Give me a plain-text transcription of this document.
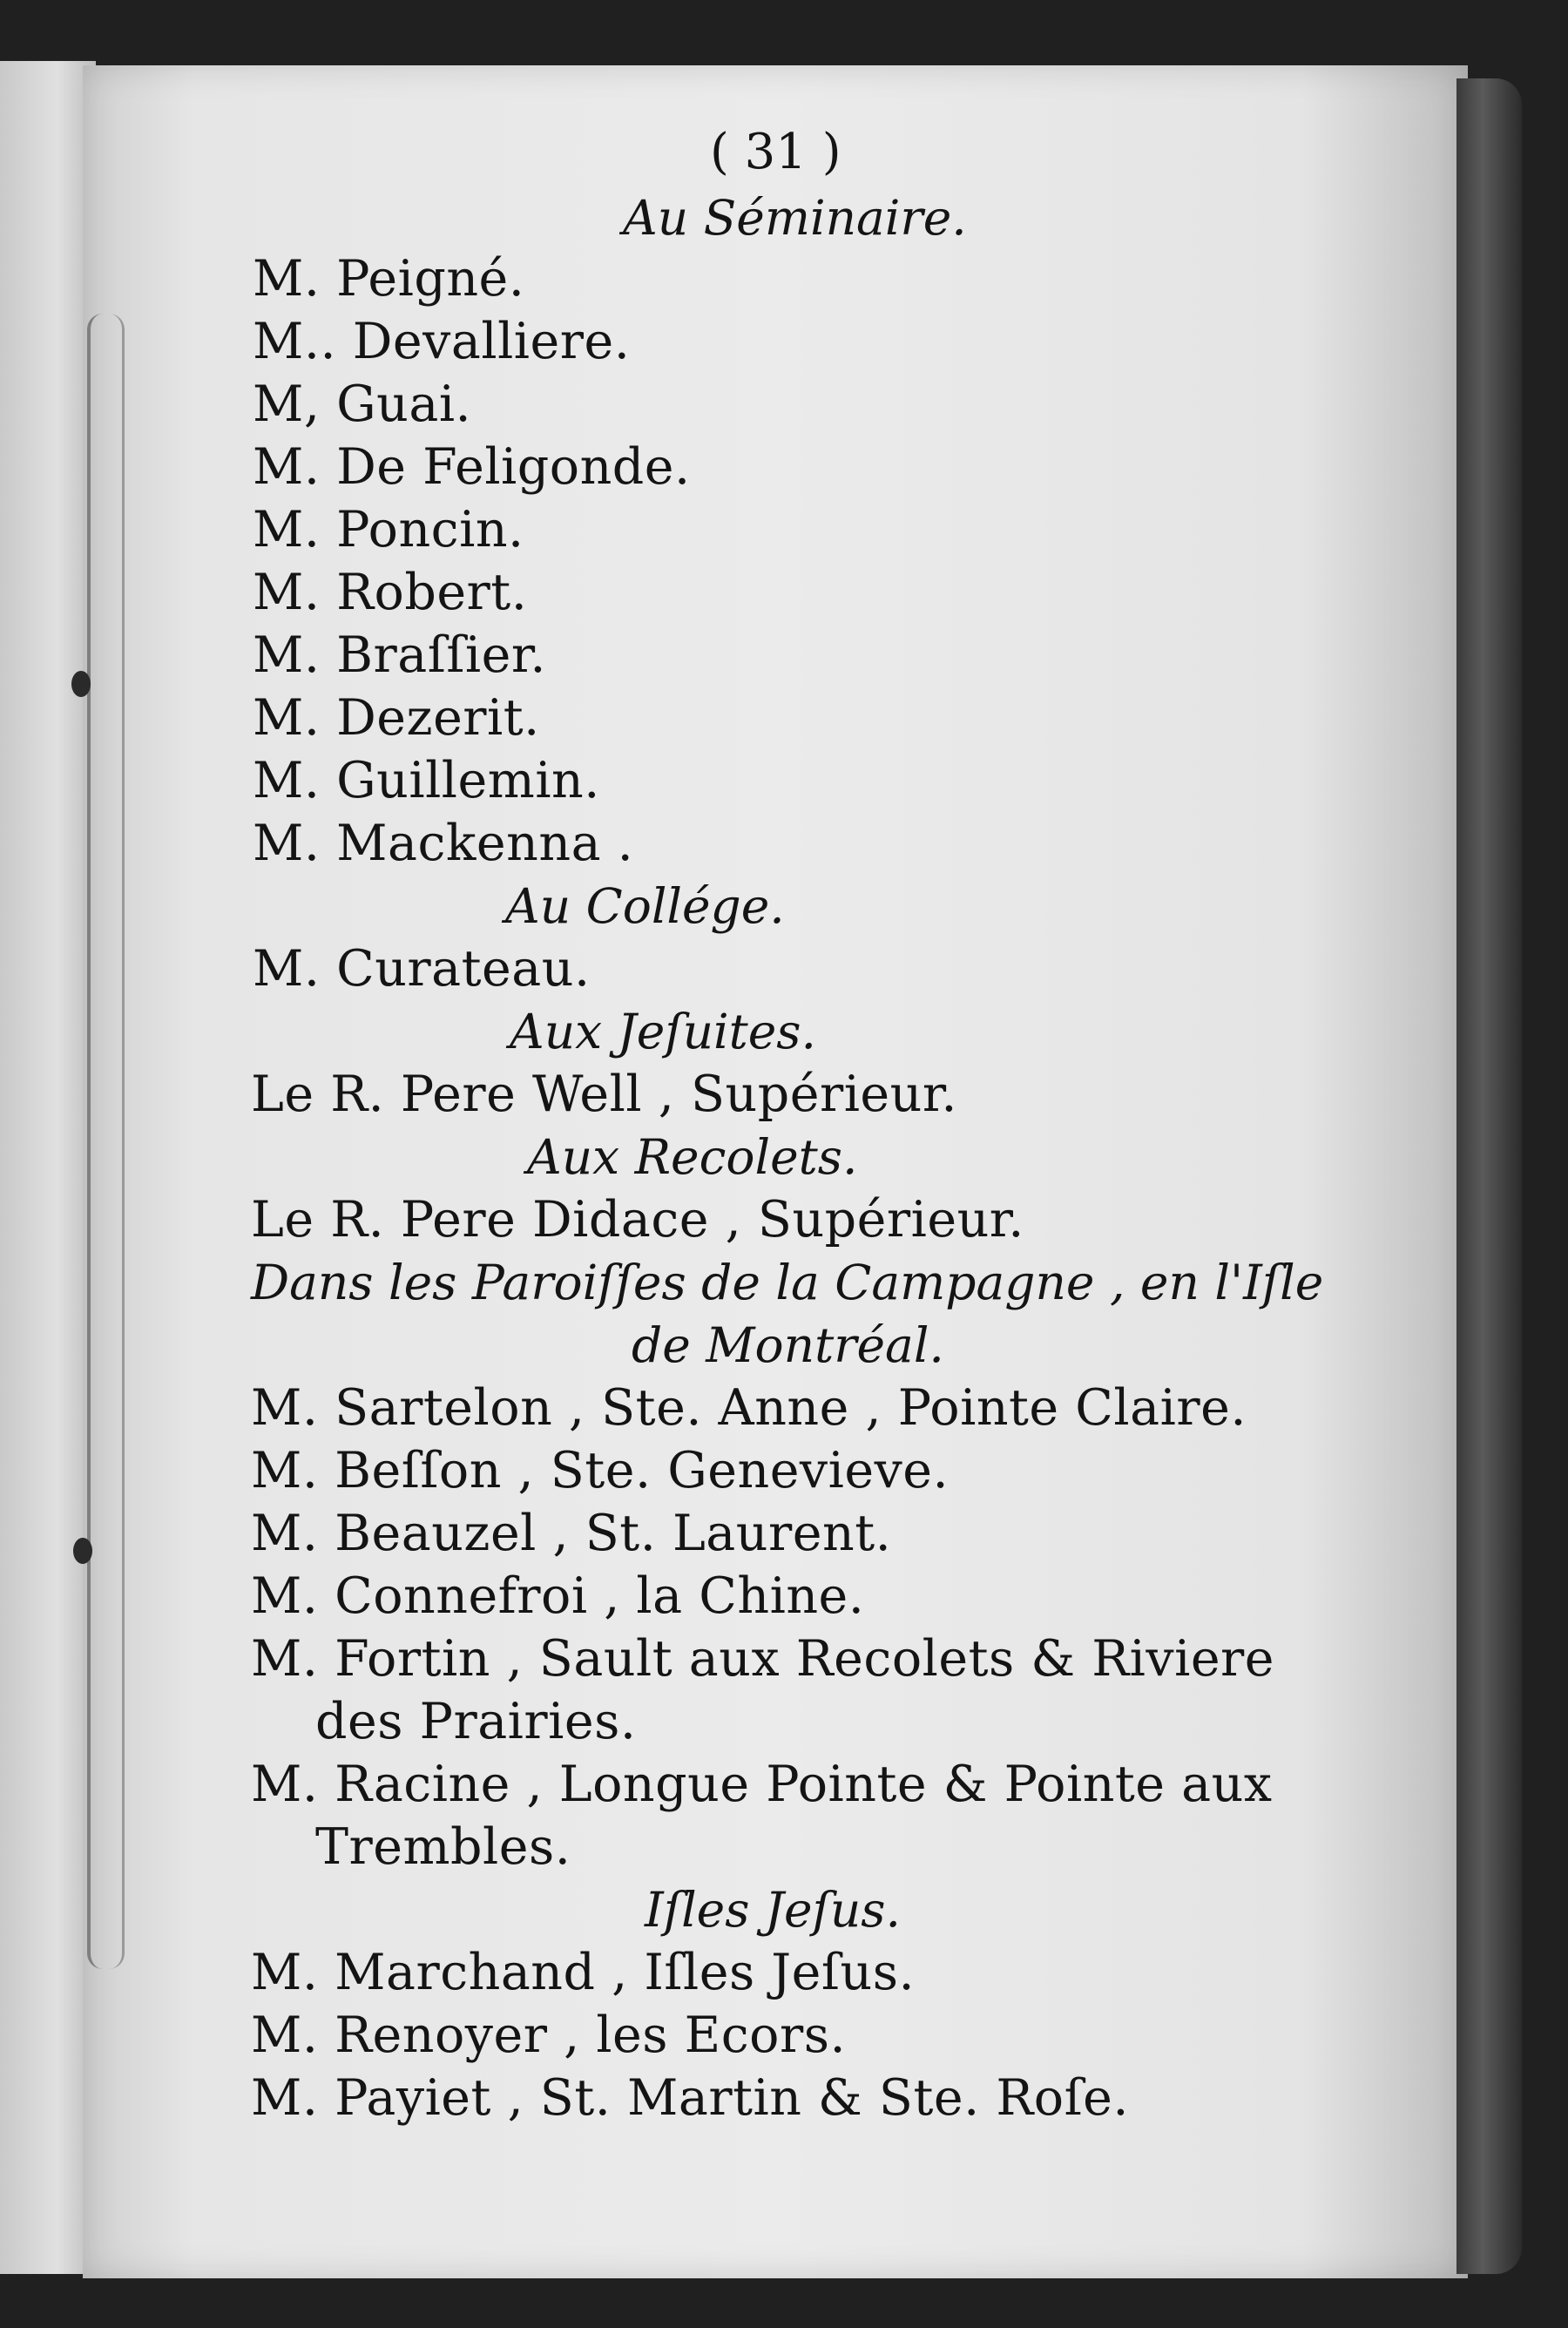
( 31 )
Au Séminaire.
M. Peigné.
M.. Devalliere.
M, Guai.
M. De Feligonde.
M. Poncin.
M. Robert.
M. Braſſier.
M. Dezerit.
M. Guillemin.
M. Mackenna .
Au Collége.
M. Curateau.
Aux Jeſuites.
Le R. Pere Well , Supérieur.
Aux Recolets.
Le R. Pere Didace , Supérieur.
Dans les Paroiſſes de la Campagne , en l'Iſle
de Montréal.
M. Sartelon , Ste. Anne , Pointe Claire.
M. Beſſon , Ste. Genevieve.
M. Beauzel , St. Laurent.
M. Connefroi , la Chine.
M. Fortin , Sault aux Recolets & Riviere
des Prairies.
M. Racine , Longue Pointe & Pointe aux
Trembles.
Iſles Jeſus.
M. Marchand , Iſles Jeſus.
M. Renoyer , les Ecors.
M. Payiet , St. Martin & Ste. Roſe.
